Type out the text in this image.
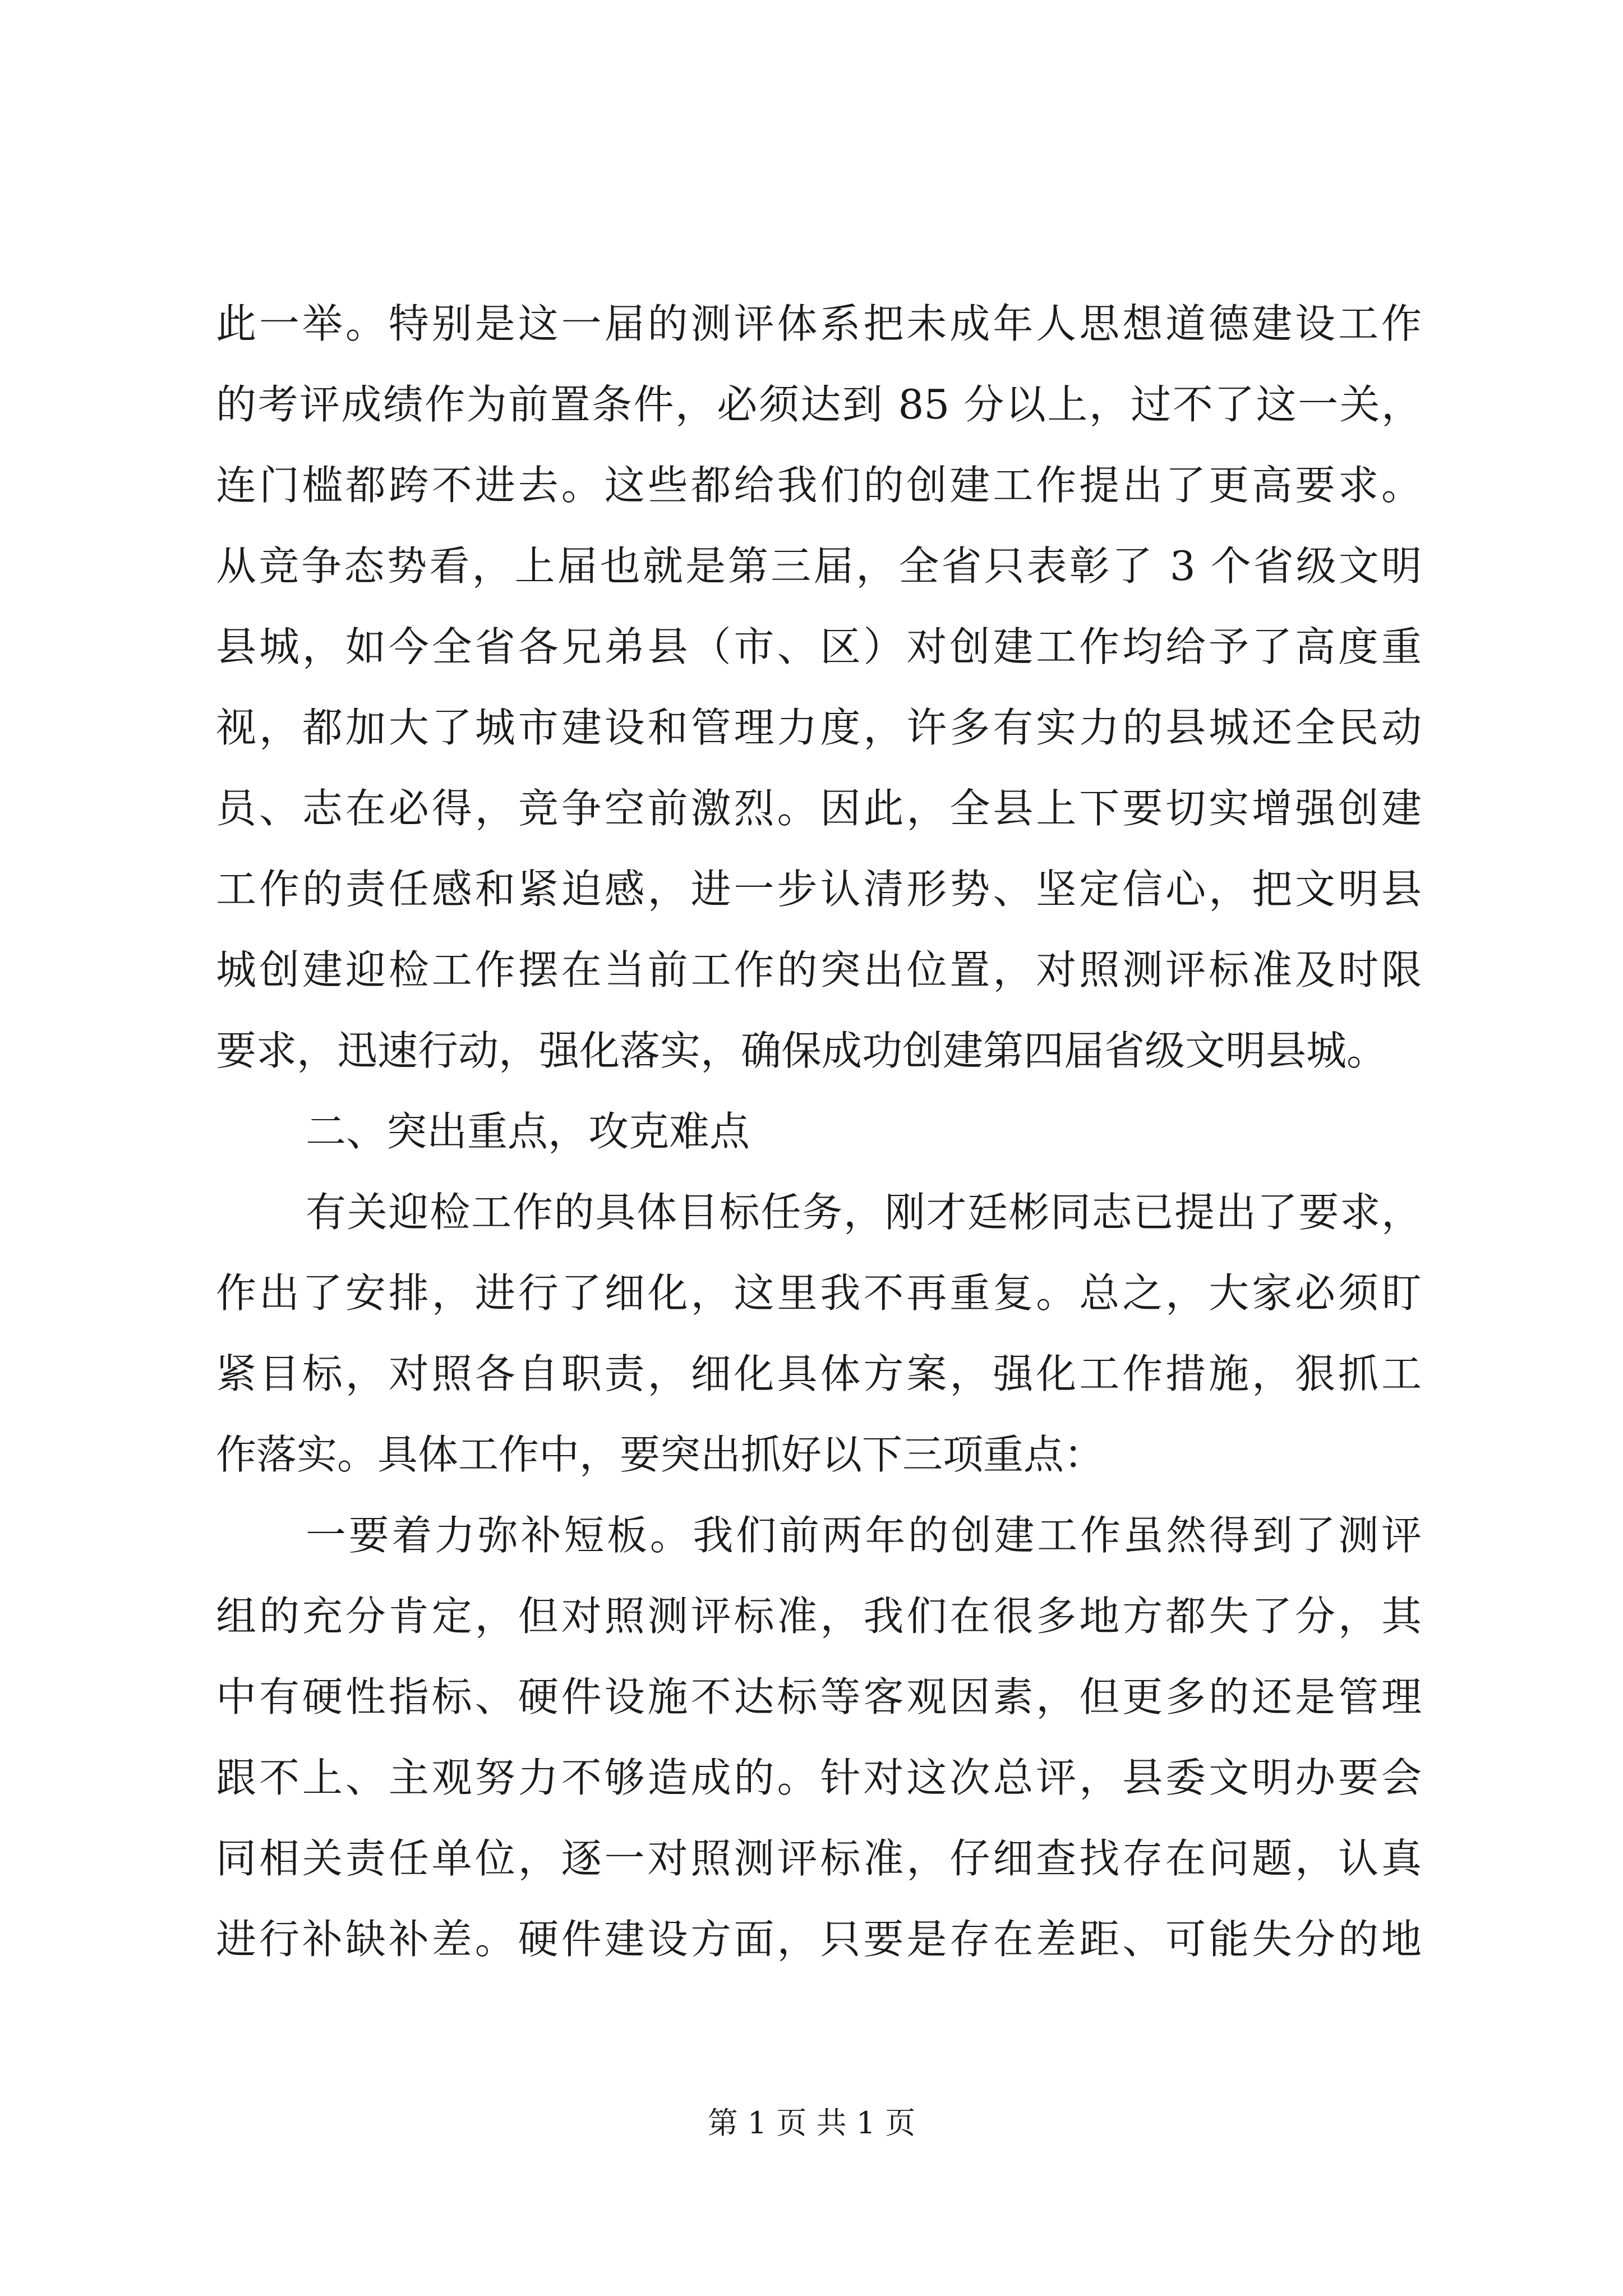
此一举。特别是这一届的测评体系把未成年人思想道德建设工作
的考评成绩作为前置条件，必须达到 85 分以上，过不了这一关，
连门槛都跨不进去。这些都给我们的创建工作提出了更高要求。
从竞争态势看，上届也就是第三届，全省只表彰了 3 个省级文明
县城，如今全省各兄弟县（市、区）对创建工作均给予了高度重
视，都加大了城市建设和管理力度，许多有实力的县城还全民动
员、志在必得，竞争空前激烈。因此，全县上下要切实增强创建
工作的责任感和紧迫感，进一步认清形势、坚定信心，把文明县
城创建迎检工作摆在当前工作的突出位置，对照测评标准及时限
要求，迅速行动，强化落实，确保成功创建第四届省级文明县城。
二、突出重点，攻克难点
有关迎检工作的具体目标任务，刚才廷彬同志已提出了要求，
作出了安排，进行了细化，这里我不再重复。总之，大家必须盯
紧目标，对照各自职责，细化具体方案，强化工作措施，狠抓工
作落实。具体工作中，要突出抓好以下三项重点：
一要着力弥补短板。我们前两年的创建工作虽然得到了测评
组的充分肯定，但对照测评标准，我们在很多地方都失了分，其
中有硬性指标、硬件设施不达标等客观因素，但更多的还是管理
跟不上、主观努力不够造成的。针对这次总评，县委文明办要会
同相关责任单位，逐一对照测评标准，仔细查找存在问题，认真
进行补缺补差。硬件建设方面，只要是存在差距、可能失分的地
第 1 页 共 1 页
